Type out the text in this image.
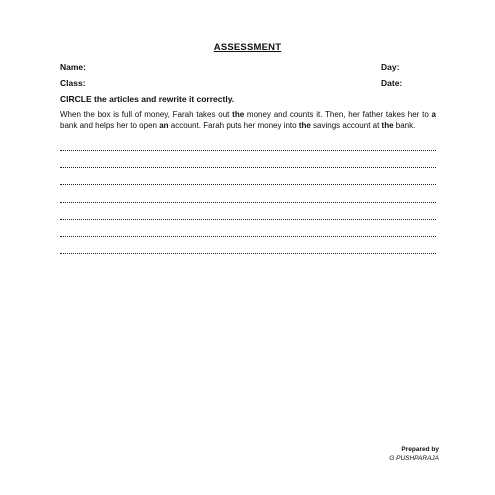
ASSESSMENT
Name:	Day:
Class:	Date:
CIRCLE the articles and rewrite it correctly.
When the box is full of money, Farah takes out the money and counts it. Then, her father takes her to a bank and helps her to open an account. Farah puts her money into the savings account at the bank.
Prepared by
G PUSHPARAJA
